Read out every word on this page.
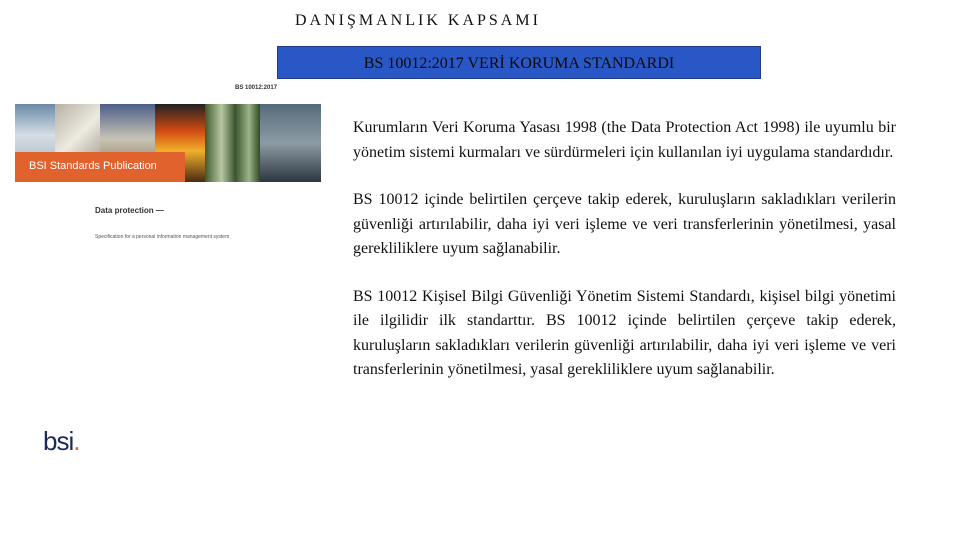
DANIŞMANLIK KAPSAMI
BS 10012:2017 VERİ KORUMA STANDARDI
BS 10012:2017
BSI Standards Publication
Data protection —
Specification for a personal information management system
bsi.

Kurumların Veri Koruma Yasası 1998 (the Data Protection Act 1998) ile uyumlu bir yönetim sistemi kurmaları ve sürdürmeleri için kullanılan iyi uygulama standardıdır.

BS 10012 içinde belirtilen çerçeve takip ederek, kuruluşların sakladıkları verilerin güvenliği artırılabilir, daha iyi veri işleme ve veri transferlerinin yönetilmesi, yasal gerekliliklere uyum sağlanabilir.

BS 10012 Kişisel Bilgi Güvenliği Yönetim Sistemi Standardı, kişisel bilgi yönetimi ile ilgilidir ilk standarttır. BS 10012 içinde belirtilen çerçeve takip ederek, kuruluşların sakladıkları verilerin güvenliği artırılabilir, daha iyi veri işleme ve veri transferlerinin yönetilmesi, yasal gerekliliklere uyum sağlanabilir.
